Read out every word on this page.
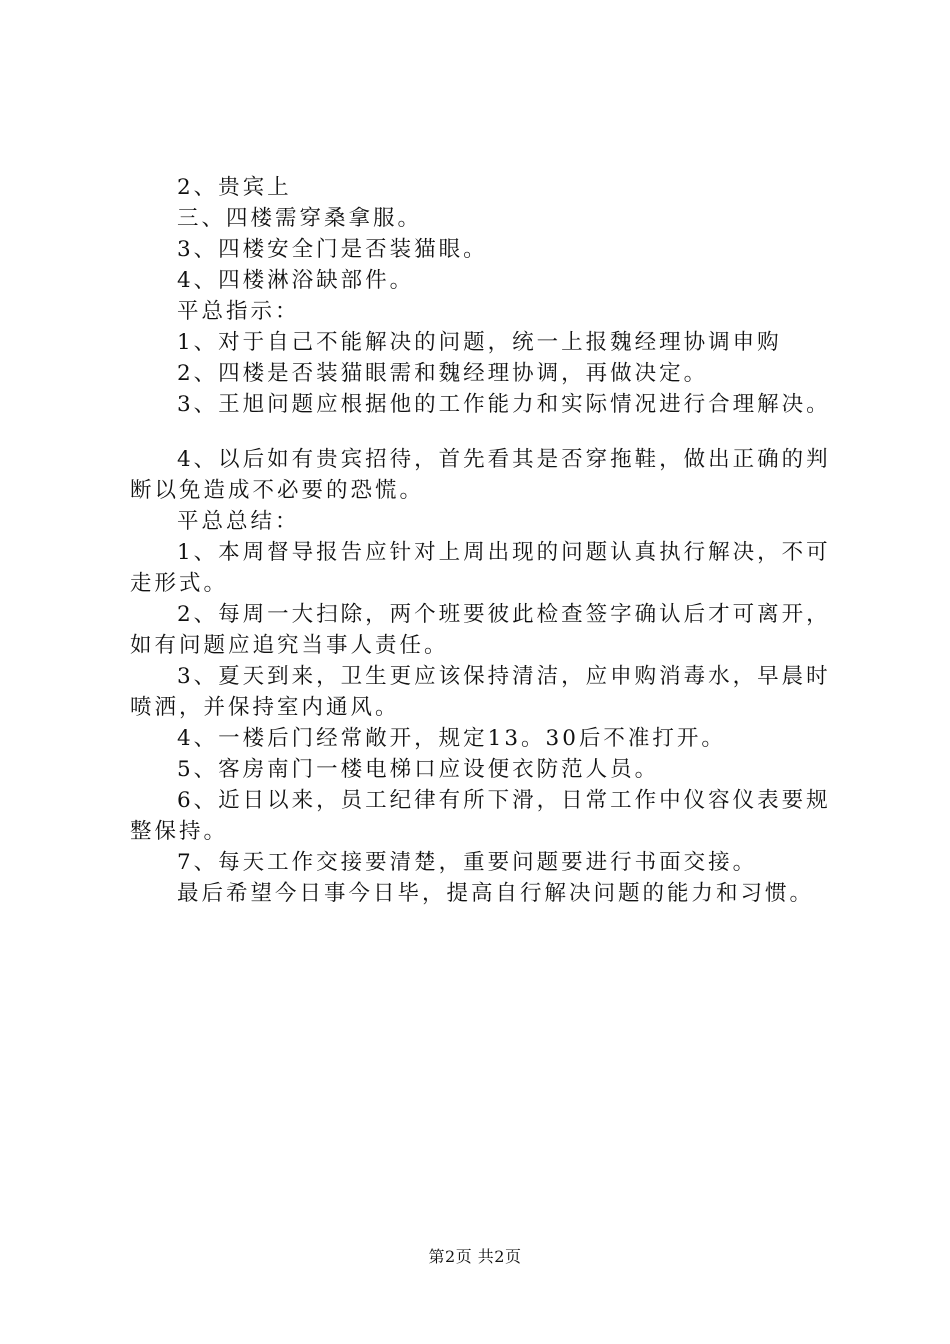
2、贵宾上
三、四楼需穿桑拿服。
3、四楼安全门是否装猫眼。
4、四楼淋浴缺部件。
平总指示：
1、对于自己不能解决的问题，统一上报魏经理协调申购
2、四楼是否装猫眼需和魏经理协调，再做决定。
3、王旭问题应根据他的工作能力和实际情况进行合理解决。
4、以后如有贵宾招待，首先看其是否穿拖鞋，做出正确的判断以免造成不必要的恐慌。
平总总结：
1、本周督导报告应针对上周出现的问题认真执行解决，不可走形式。
2、每周一大扫除，两个班要彼此检查签字确认后才可离开，如有问题应追究当事人责任。
3、夏天到来，卫生更应该保持清洁，应申购消毒水，早晨时喷洒，并保持室内通风。
4、一楼后门经常敞开，规定13。30后不准打开。
5、客房南门一楼电梯口应设便衣防范人员。
6、近日以来，员工纪律有所下滑，日常工作中仪容仪表要规整保持。
7、每天工作交接要清楚，重要问题要进行书面交接。
最后希望今日事今日毕，提高自行解决问题的能力和习惯。
第2页 共2页
